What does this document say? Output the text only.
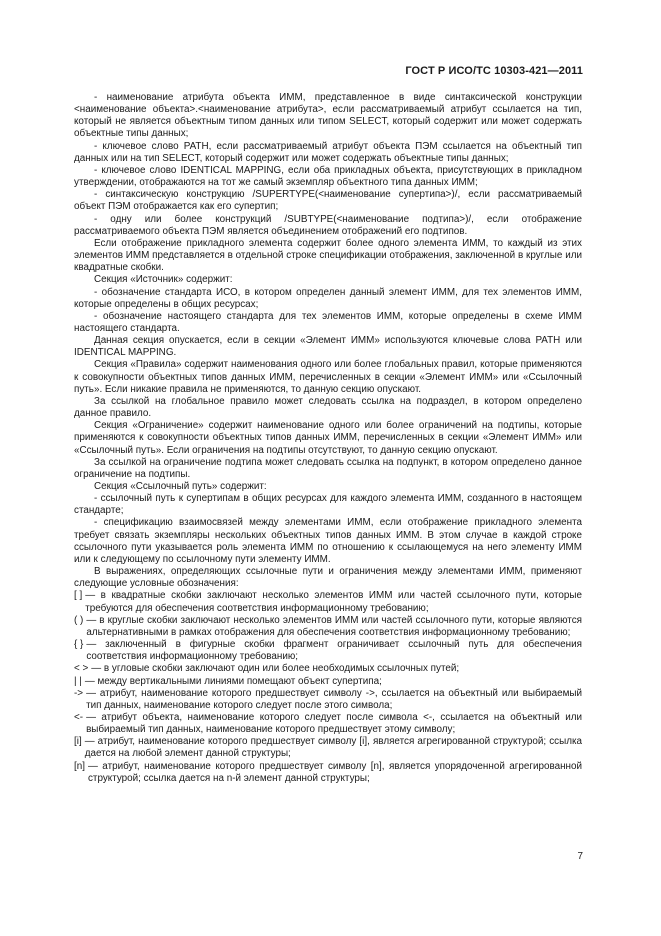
ГОСТ Р ИСО/ТС 10303-421—2011

- наименование атрибута объекта ИММ, представленное в виде синтаксической конструкции <наименование объекта>.<наименование атрибута>, если рассматриваемый атрибут ссылается на тип, который не является объектным типом данных или типом SELECT, который содержит или может содержать объектные типы данных;

- ключевое слово PATH, если рассматриваемый атрибут объекта ПЭМ ссылается на объектный тип данных или на тип SELECT, который содержит или может содержать объектные типы данных;

- ключевое слово IDENTICAL MAPPING, если оба прикладных объекта, присутствующих в прикладном утверждении, отображаются на тот же самый экземпляр объектного типа данных ИММ;

- синтаксическую конструкцию /SUPERTYPE(<наименование супертипа>)/, если рассматриваемый объект ПЭМ отображается как его супертип;

- одну или более конструкций /SUBTYPE(<наименование подтипа>)/, если отображение рассматриваемого объекта ПЭМ является объединением отображений его подтипов.

Если отображение прикладного элемента содержит более одного элемента ИММ, то каждый из этих элементов ИММ представляется в отдельной строке спецификации отображения, заключенной в круглые или квадратные скобки.

Секция «Источник» содержит:

- обозначение стандарта ИСО, в котором определен данный элемент ИММ, для тех элементов ИММ, которые определены в общих ресурсах;

- обозначение настоящего стандарта для тех элементов ИММ, которые определены в схеме ИММ настоящего стандарта.

Данная секция опускается, если в секции «Элемент ИММ» используются ключевые слова PATH или IDENTICAL MAPPING.

Секция «Правила» содержит наименования одного или более глобальных правил, которые применяются к совокупности объектных типов данных ИММ, перечисленных в секции «Элемент ИММ» или «Ссылочный путь». Если никакие правила не применяются, то данную секцию опускают.

За ссылкой на глобальное правило может следовать ссылка на подраздел, в котором определено данное правило.

Секция «Ограничение» содержит наименование одного или более ограничений на подтипы, которые применяются к совокупности объектных типов данных ИММ, перечисленных в секции «Элемент ИММ» или «Ссылочный путь». Если ограничения на подтипы отсутствуют, то данную секцию опускают.

За ссылкой на ограничение подтипа может следовать ссылка на подпункт, в котором определено данное ограничение на подтипы.

Секция «Ссылочный путь» содержит:

- ссылочный путь к супертипам в общих ресурсах для каждого элемента ИММ, созданного в настоящем стандарте;

- спецификацию взаимосвязей между элементами ИММ, если отображение прикладного элемента требует связать экземпляры нескольких объектных типов данных ИММ. В этом случае в каждой строке ссылочного пути указывается роль элемента ИММ по отношению к ссылающемуся на него элементу ИММ или к следующему по ссылочному пути элементу ИММ.

В выражениях, определяющих ссылочные пути и ограничения между элементами ИММ, применяют следующие условные обозначения:

[ ] — в квадратные скобки заключают несколько элементов ИММ или частей ссылочного пути, которые требуются для обеспечения соответствия информационному требованию;
( ) — в круглые скобки заключают несколько элементов ИММ или частей ссылочного пути, которые являются альтернативными в рамках отображения для обеспечения соответствия информационному требованию;
{ } — заключенный в фигурные скобки фрагмент ограничивает ссылочный путь для обеспечения соответствия информационному требованию;
< > — в угловые скобки заключают один или более необходимых ссылочных путей;
| | — между вертикальными линиями помещают объект супертипа;
-> — атрибут, наименование которого предшествует символу ->, ссылается на объектный или выбираемый тип данных, наименование которого следует после этого символа;
<- — атрибут объекта, наименование которого следует после символа <-, ссылается на объектный или выбираемый тип данных, наименование которого предшествует этому символу;
[i] — атрибут, наименование которого предшествует символу [i], является агрегированной структурой; ссылка дается на любой элемент данной структуры;
[n] — атрибут, наименование которого предшествует символу [n], является упорядоченной агрегированной структурой; ссылка дается на n-й элемент данной структуры;
7
